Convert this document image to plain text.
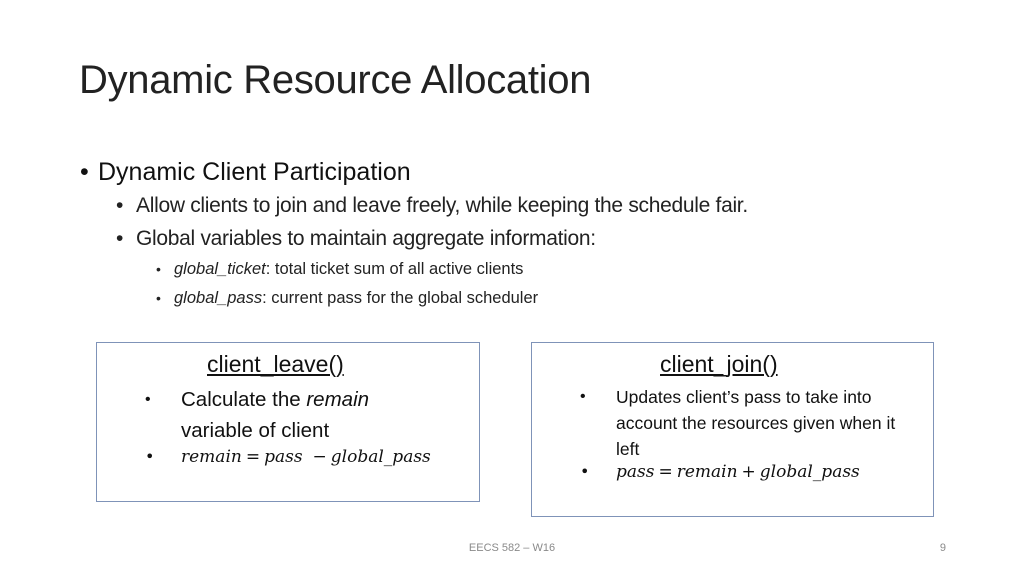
Dynamic Resource Allocation
• Dynamic Client Participation
• Allow clients to join and leave freely, while keeping the schedule fair.
• Global variables to maintain aggregate information:
• global_ticket: total ticket sum of all active clients
• global_pass: current pass for the global scheduler
client_leave()
• Calculate the remain
variable of client
• remain = pass − global_pass
client_join()
• Updates client’s pass to take into account the resources given when it left
• pass = remain + global_pass
EECS 582 – W16	9
